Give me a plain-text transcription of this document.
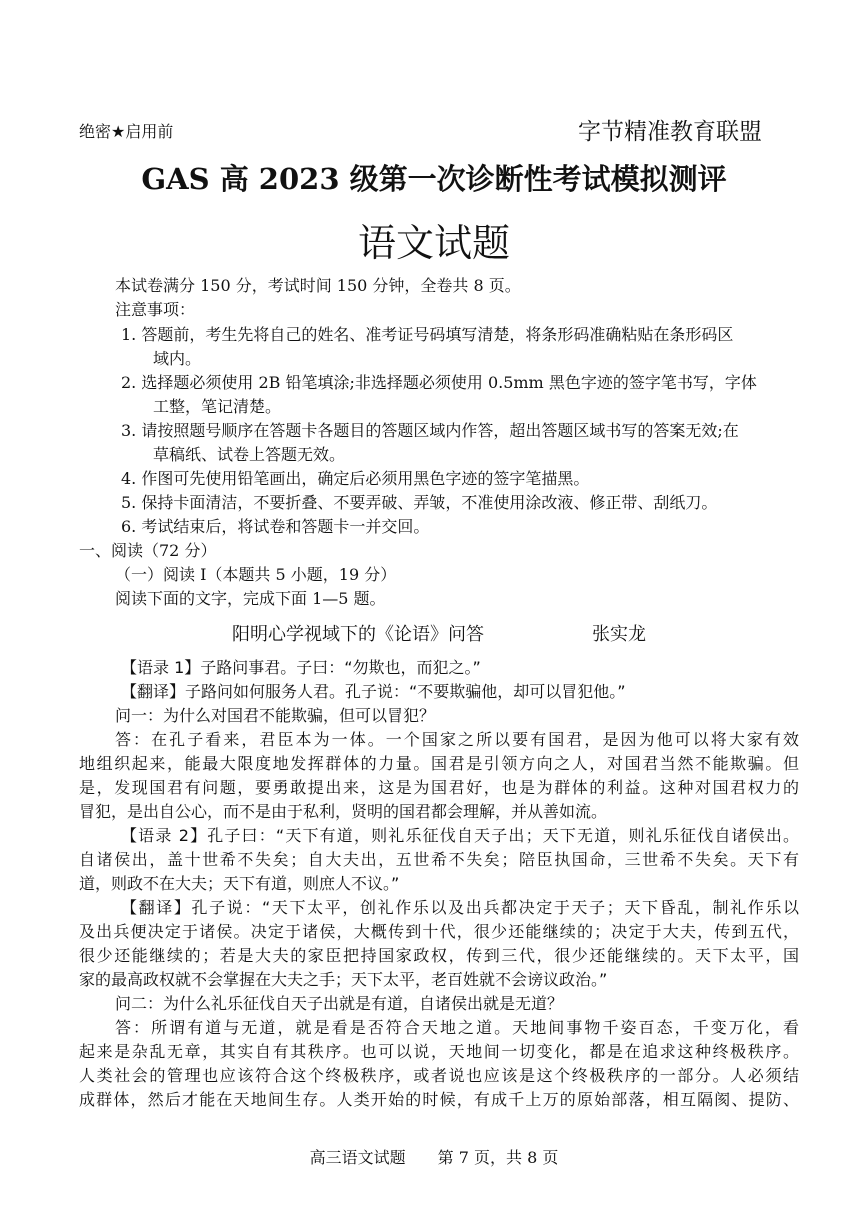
绝密★启用前	字节精准教育联盟
GAS 高 2023 级第一次诊断性考试模拟测评
语文试题
本试卷满分 150 分，考试时间 150 分钟，全卷共 8 页。
注意事项：
1. 答题前，考生先将自己的姓名、准考证号码填写清楚，将条形码准确粘贴在条形码区
域内。
2. 选择题必须使用 2B 铅笔填涂;非选择题必须使用 0.5mm 黑色字迹的签字笔书写，字体
工整，笔记清楚。
3. 请按照题号顺序在答题卡各题目的答题区域内作答，超出答题区域书写的答案无效;在
草稿纸、试卷上答题无效。
4. 作图可先使用铅笔画出，确定后必须用黑色字迹的签字笔描黑。
5. 保持卡面清洁，不要折叠、不要弄破、弄皱，不准使用涂改液、修正带、刮纸刀。
6. 考试结束后，将试卷和答题卡一并交回。
一、阅读（72 分）
（一）阅读 I（本题共 5 小题，19 分）
阅读下面的文字，完成下面 1—5 题。
阳明心学视域下的《论语》问答	张实龙
【语录 1】子路问事君。子曰：“勿欺也，而犯之。”
【翻译】子路问如何服务人君。孔子说：“不要欺骗他，却可以冒犯他。”
问一：为什么对国君不能欺骗，但可以冒犯？
答：在孔子看来，君臣本为一体。一个国家之所以要有国君，是因为他可以将大家有效
地组织起来，能最大限度地发挥群体的力量。国君是引领方向之人，对国君当然不能欺骗。但
是，发现国君有问题，要勇敢提出来，这是为国君好，也是为群体的利益。这种对国君权力的
冒犯，是出自公心，而不是由于私利，贤明的国君都会理解，并从善如流。
【语录 2】孔子曰：“天下有道，则礼乐征伐自天子出；天下无道，则礼乐征伐自诸侯出。
自诸侯出，盖十世希不失矣；自大夫出，五世希不失矣；陪臣执国命，三世希不失矣。天下有
道，则政不在大夫；天下有道，则庶人不议。”
【翻译】孔子说：“天下太平，创礼作乐以及出兵都决定于天子；天下昏乱，制礼作乐以
及出兵便决定于诸侯。决定于诸侯，大概传到十代，很少还能继续的；决定于大夫，传到五代，
很少还能继续的；若是大夫的家臣把持国家政权，传到三代，很少还能继续的。天下太平，国
家的最高政权就不会掌握在大夫之手；天下太平，老百姓就不会谤议政治。”
问二：为什么礼乐征伐自天子出就是有道，自诸侯出就是无道？
答：所谓有道与无道，就是看是否符合天地之道。天地间事物千姿百态，千变万化，看
起来是杂乱无章，其实自有其秩序。也可以说，天地间一切变化，都是在追求这种终极秩序。
人类社会的管理也应该符合这个终极秩序，或者说也应该是这个终极秩序的一部分。人必须结
成群体，然后才能在天地间生存。人类开始的时候，有成千上万的原始部落，相互隔阂、提防、
高三语文试题 第 7 页，共 8 页
